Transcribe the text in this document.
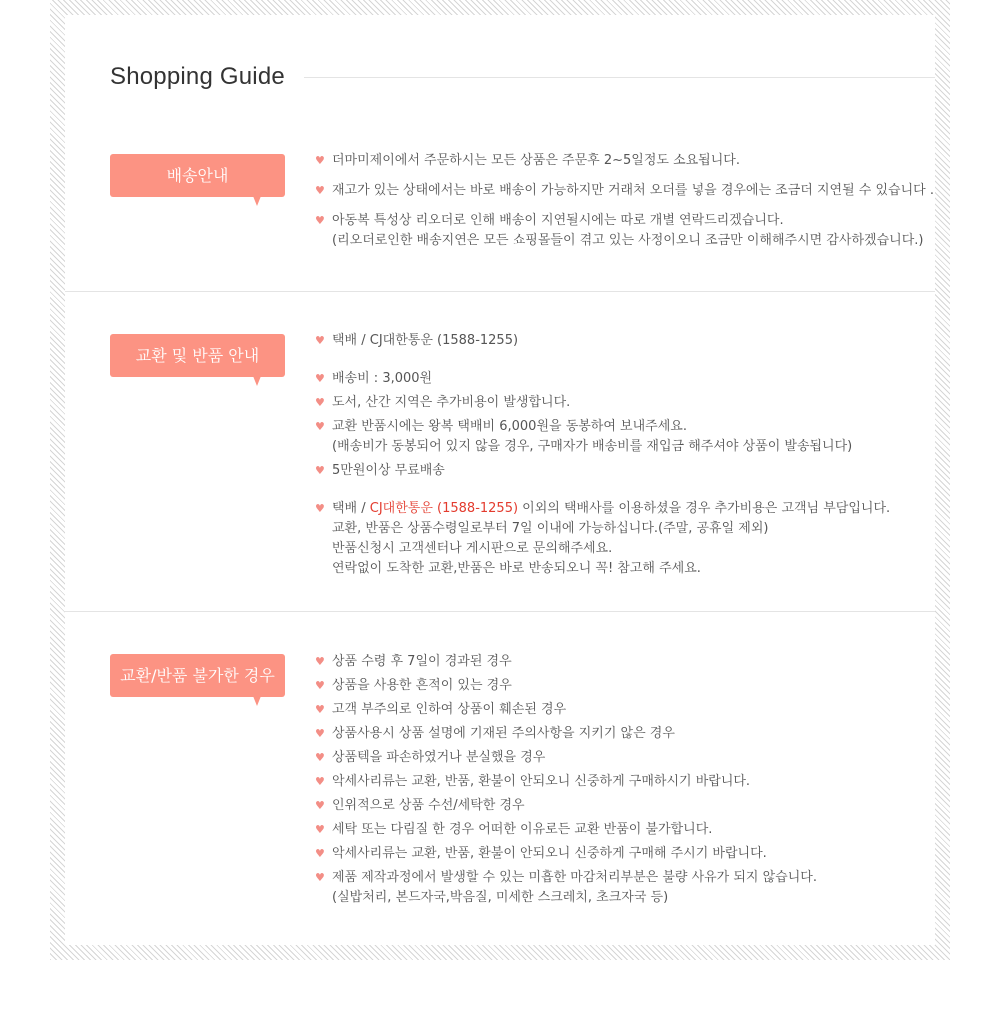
Shopping Guide
배송안내
♥ 더마미제이에서 주문하시는 모든 상품은 주문후 2~5일정도 소요됩니다.
♥ 재고가 있는 상태에서는 바로 배송이 가능하지만 거래처 오더를 넣을 경우에는 조금더 지연될 수 있습니다 .
♥ 아동복 특성상 리오더로 인해 배송이 지연될시에는 따로 개별 연락드리겠습니다.
(리오더로인한 배송지연은 모든 쇼핑몰들이 겪고 있는 사정이오니 조금만 이해해주시면 감사하겠습니다.)
교환 및 반품 안내
♥ 택배 / CJ대한통운 (1588-1255)
♥ 배송비 : 3,000원
♥ 도서, 산간 지역은 추가비용이 발생합니다.
♥ 교환 반품시에는 왕복 택배비 6,000원을 동봉하여 보내주세요.
(배송비가 동봉되어 있지 않을 경우, 구매자가 배송비를 재입금 해주셔야 상품이 발송됩니다)
♥ 5만원이상 무료배송
♥ 택배 / CJ대한통운 (1588-1255) 이외의 택배사를 이용하셨을 경우 추가비용은 고객님 부담입니다.
교환, 반품은 상품수령일로부터 7일 이내에 가능하십니다.(주말, 공휴일 제외)
반품신청시 고객센터나 게시판으로 문의해주세요.
연락없이 도착한 교환,반품은 바로 반송되오니 꼭! 참고해 주세요.
교환/반품 불가한 경우
♥ 상품 수령 후 7일이 경과된 경우
♥ 상품을 사용한 흔적이 있는 경우
♥ 고객 부주의로 인하여 상품이 훼손된 경우
♥ 상품사용시 상품 설명에 기재된 주의사항을 지키기 않은 경우
♥ 상품텍을 파손하였거나 분실했을 경우
♥ 악세사리류는 교환, 반품, 환불이 안되오니 신중하게 구매하시기 바랍니다.
♥ 인위적으로 상품 수선/세탁한 경우
♥ 세탁 또는 다림질 한 경우 어떠한 이유로든 교환 반품이 불가합니다.
♥ 악세사리류는 교환, 반품, 환불이 안되오니 신중하게 구매해 주시기 바랍니다.
♥ 제품 제작과정에서 발생할 수 있는 미흡한 마감처리부분은 불량 사유가 되지 않습니다.
(실밥처리, 본드자국,박음질, 미세한 스크레치, 초크자국 등)
